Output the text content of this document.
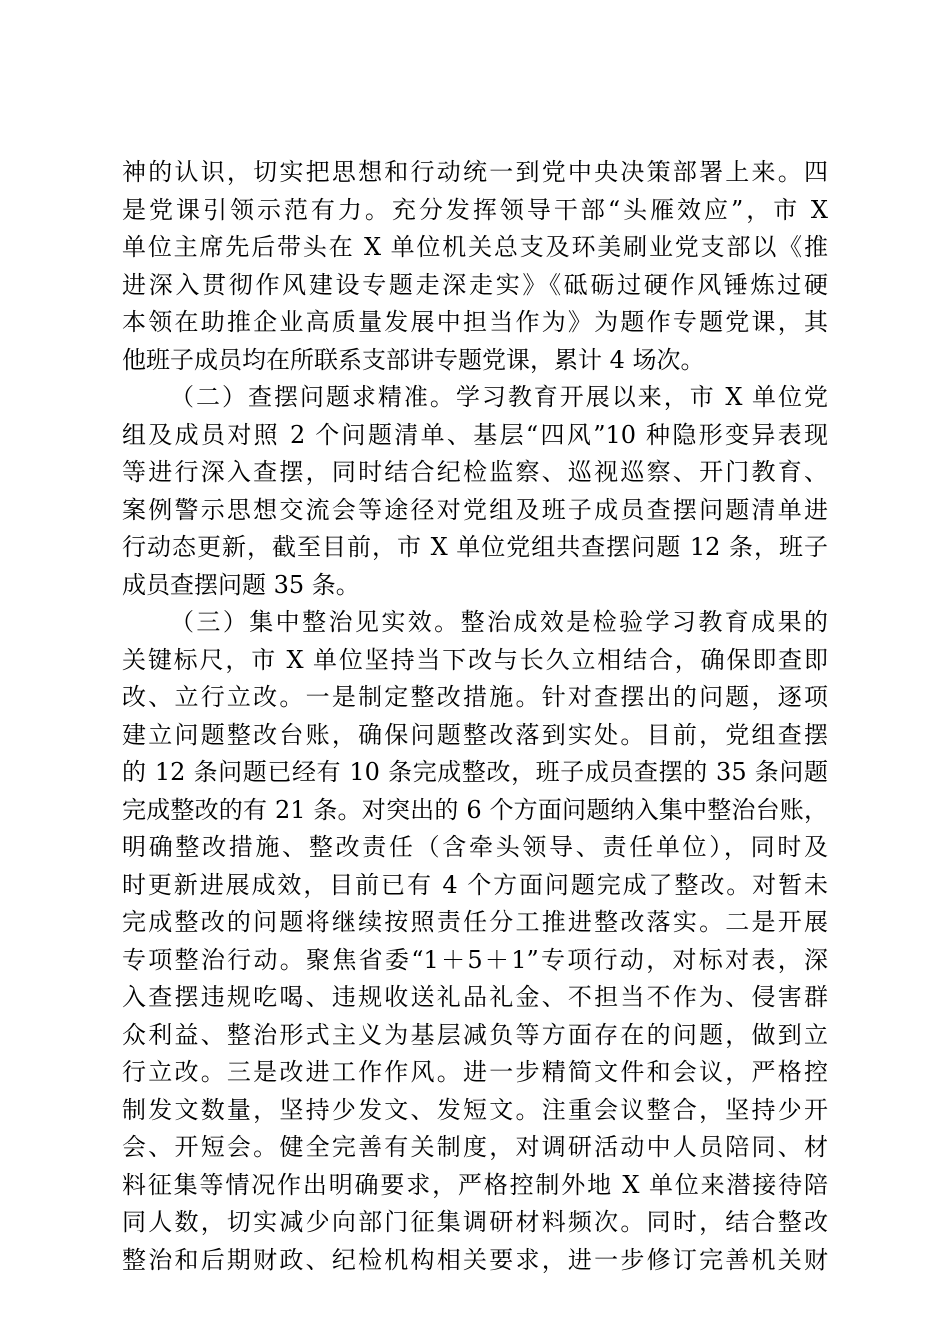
神的认识，切实把思想和行动统一到党中央决策部署上来。四
是党课引领示范有力。充分发挥领导干部“头雁效应”，市 X
单位主席先后带头在 X 单位机关总支及环美刷业党支部以《推
进深入贯彻作风建设专题走深走实》《砥砺过硬作风锤炼过硬
本领在助推企业高质量发展中担当作为》为题作专题党课，其
他班子成员均在所联系支部讲专题党课，累计 4 场次。
（二）查摆问题求精准。学习教育开展以来，市 X 单位党
组及成员对照 2 个问题清单、基层“四风”10 种隐形变异表现
等进行深入查摆，同时结合纪检监察、巡视巡察、开门教育、
案例警示思想交流会等途径对党组及班子成员查摆问题清单进
行动态更新，截至目前，市 X 单位党组共查摆问题 12 条，班子
成员查摆问题 35 条。
（三）集中整治见实效。整治成效是检验学习教育成果的
关键标尺，市 X 单位坚持当下改与长久立相结合，确保即查即
改、立行立改。一是制定整改措施。针对查摆出的问题，逐项
建立问题整改台账，确保问题整改落到实处。目前，党组查摆
的 12 条问题已经有 10 条完成整改，班子成员查摆的 35 条问题
完成整改的有 21 条。对突出的 6 个方面问题纳入集中整治台账，
明确整改措施、整改责任（含牵头领导、责任单位），同时及
时更新进展成效，目前已有 4 个方面问题完成了整改。对暂未
完成整改的问题将继续按照责任分工推进整改落实。二是开展
专项整治行动。聚焦省委“1＋5＋1”专项行动，对标对表，深
入查摆违规吃喝、违规收送礼品礼金、不担当不作为、侵害群
众利益、整治形式主义为基层减负等方面存在的问题，做到立
行立改。三是改进工作作风。进一步精简文件和会议，严格控
制发文数量，坚持少发文、发短文。注重会议整合，坚持少开
会、开短会。健全完善有关制度，对调研活动中人员陪同、材
料征集等情况作出明确要求，严格控制外地 X 单位来潜接待陪
同人数，切实减少向部门征集调研材料频次。同时，结合整改
整治和后期财政、纪检机构相关要求，进一步修订完善机关财
